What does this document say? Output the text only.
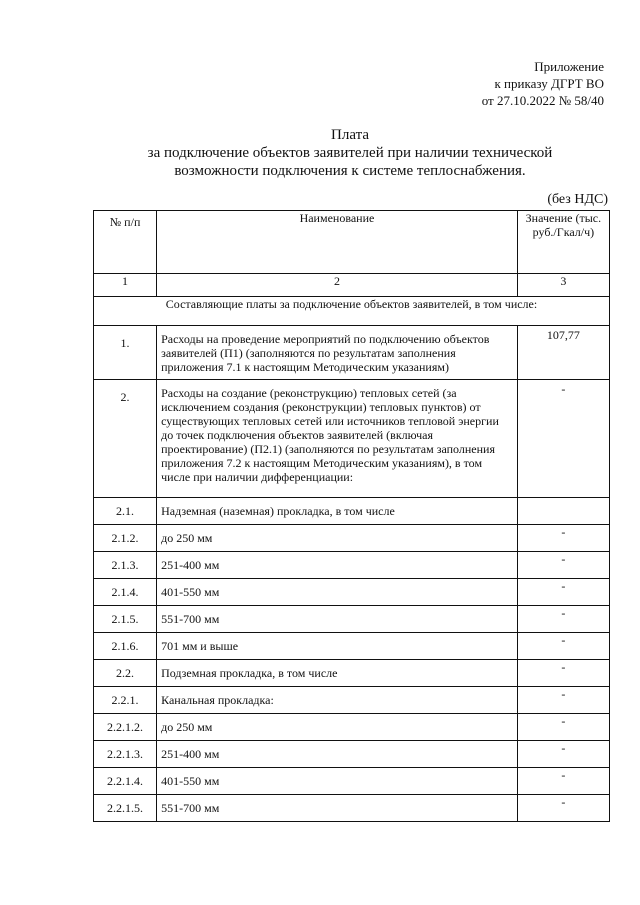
Приложение
к приказу ДГРТ ВО
от 27.10.2022 № 58/40
Плата
за подключение объектов заявителей при наличии технической
возможности подключения к системе теплоснабжения.
(без НДС)
№ п/п	Наименование	Значение (тыс. руб./Гкал/ч)
1	2	3
Составляющие платы за подключение объектов заявителей, в том числе:		
1.	Расходы на проведение мероприятий по подключению объектов заявителей (П1) (заполняются по результатам заполнения приложения 7.1 к настоящим Методическим указаниям)	107,77
2.	Расходы на создание (реконструкцию) тепловых сетей (за исключением создания (реконструкции) тепловых пунктов) от существующих тепловых сетей или источников тепловой энергии до точек подключения объектов заявителей (включая проектирование) (П2.1) (заполняются по результатам заполнения приложения 7.2 к настоящим Методическим указаниям), в том числе при наличии дифференциации:	-
2.1.	Надземная (наземная) прокладка, в том числе	
2.1.2.	до 250 мм	-
2.1.3.	251-400 мм	-
2.1.4.	401-550 мм	-
2.1.5.	551-700 мм	-
2.1.6.	701 мм и выше	-
2.2.	Подземная прокладка, в том числе	-
2.2.1.	Канальная прокладка:	-
2.2.1.2.	до 250 мм	-
2.2.1.3.	251-400 мм	-
2.2.1.4.	401-550 мм	-
2.2.1.5.	551-700 мм	-
